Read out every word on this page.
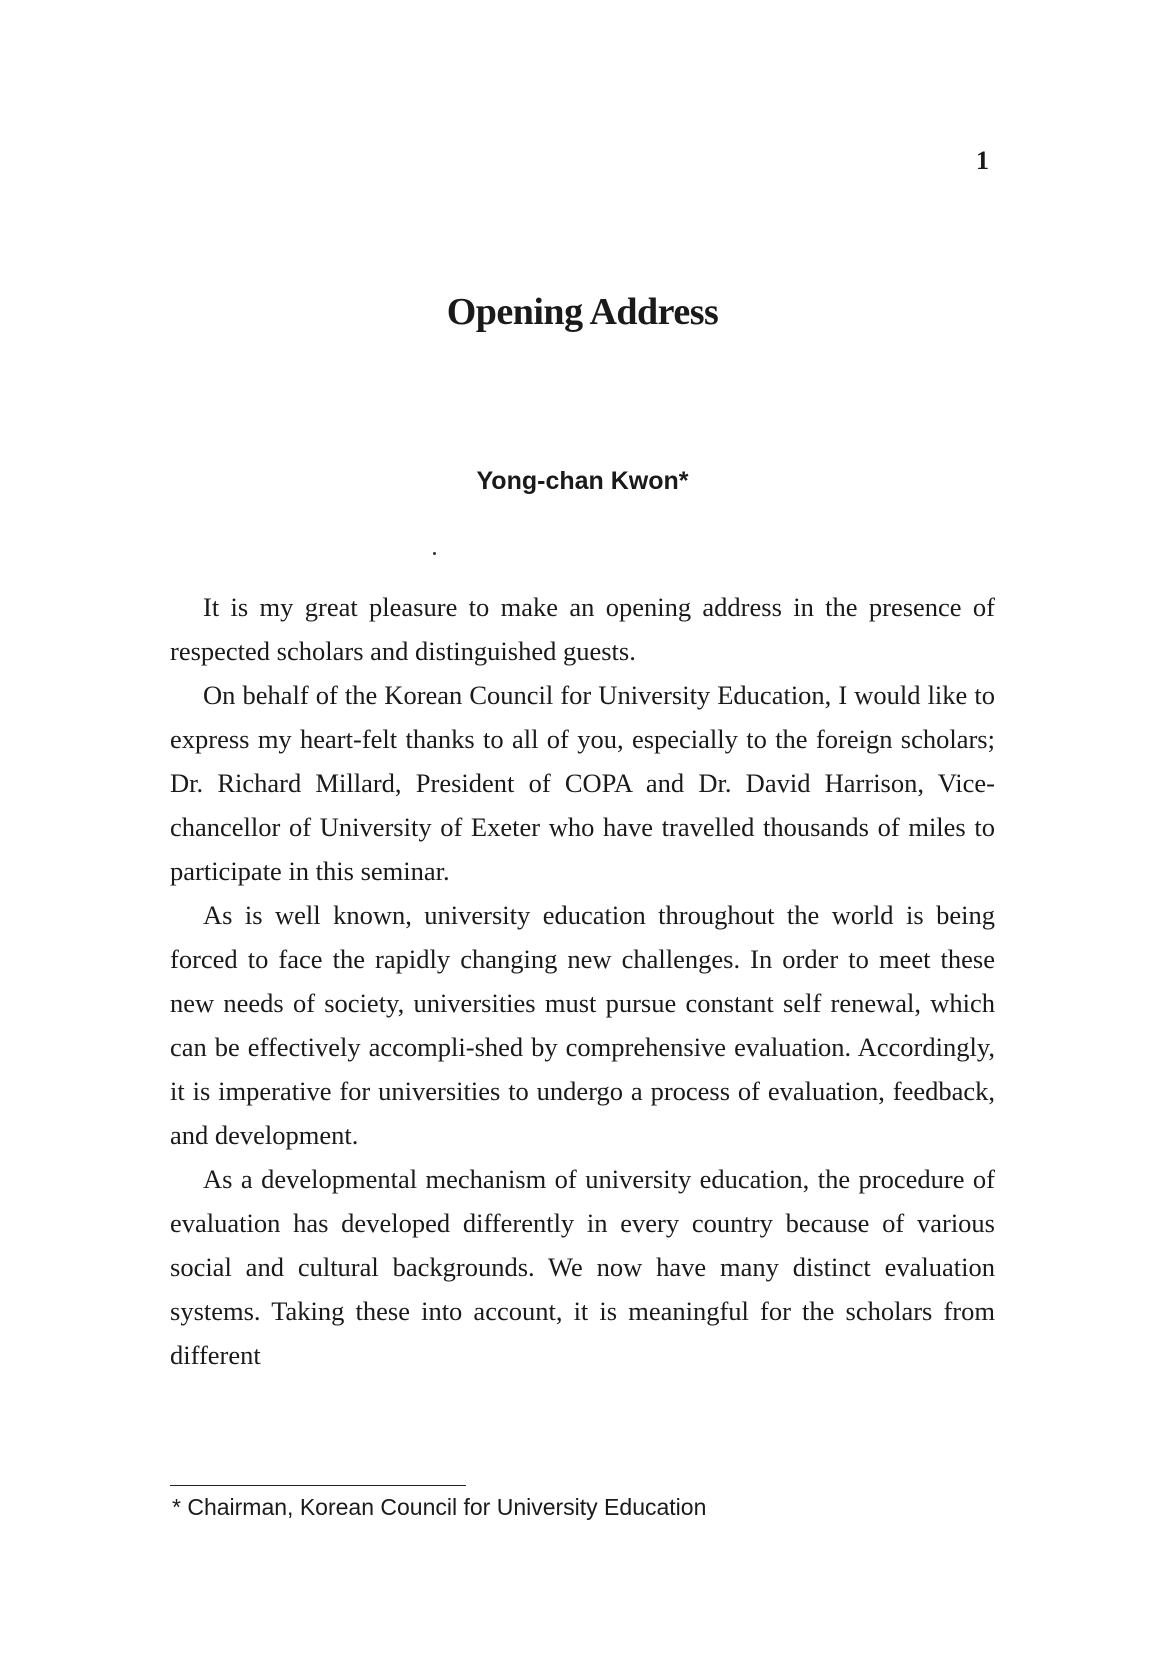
1
Opening Address
Yong-chan Kwon*

It is my great pleasure to make an opening address in the presence of respected scholars and distinguished guests.

On behalf of the Korean Council for University Education, I would like to express my heart-felt thanks to all of you, especially to the foreign scholars; Dr. Richard Millard, President of COPA and Dr. David Harrison, Vice-chancellor of University of Exeter who have travelled thousands of miles to participate in this seminar.

As is well known, university education throughout the world is being forced to face the rapidly changing new challenges. In order to meet these new needs of society, universities must pursue constant self renewal, which can be effectively accompli-shed by comprehensive evaluation. Accordingly, it is imperative for universities to undergo a process of evaluation, feedback, and development.

As a developmental mechanism of university education, the procedure of evaluation has developed differently in every country because of various social and cultural backgrounds. We now have many distinct evaluation systems. Taking these into account, it is meaningful for the scholars from different

* Chairman, Korean Council for University Education
